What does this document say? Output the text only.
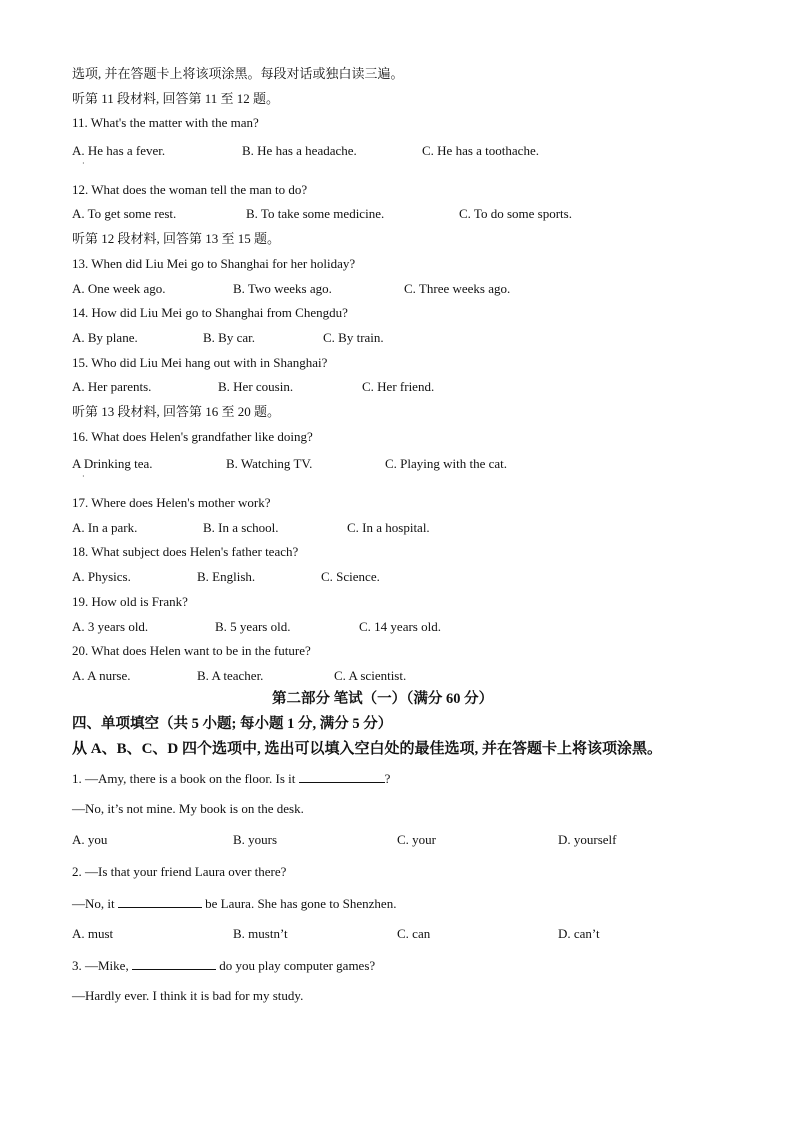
选项, 并在答题卡上将该项涂黑。每段对话或独白读三遍。
听第 11 段材料, 回答第 11 至 12 题。
11. What's the matter with the man?
A. He has a fever.	B. He has a headache.	C. He has a toothache.
·
12. What does the woman tell the man to do?
A. To get some rest.	B. To take some medicine.	C. To do some sports.
听第 12 段材料, 回答第 13 至 15 题。
13. When did Liu Mei go to Shanghai for her holiday?
A. One week ago.	B. Two weeks ago.	C. Three weeks ago.
14. How did Liu Mei go to Shanghai from Chengdu?
A. By plane.	B. By car.	C. By train.
15. Who did Liu Mei hang out with in Shanghai?
A. Her parents.	B. Her cousin.	C. Her friend.
听第 13 段材料, 回答第 16 至 20 题。
16. What does Helen's grandfather like doing?
A Drinking tea.	B. Watching TV.	C. Playing with the cat.
·
17. Where does Helen's mother work?
A. In a park.	B. In a school.	C. In a hospital.
18. What subject does Helen's father teach?
A. Physics.	B. English.	C. Science.
19. How old is Frank?
A. 3 years old.	B. 5 years old.	C. 14 years old.
20. What does Helen want to be in the future?
A. A nurse.	B. A teacher.	C. A scientist.
第二部分 笔试（一）（满分 60 分）
四、单项填空（共 5 小题; 每小题 1 分, 满分 5 分）
从 A、B、C、D 四个选项中, 选出可以填入空白处的最佳选项, 并在答题卡上将该项涂黑。
1. —Amy, there is a book on the floor. Is it	?
—No, it’s not mine. My book is on the desk.
A. you	B. yours	C. your	D. yourself
2. —Is that your friend Laura over there?
—No, it	be Laura. She has gone to Shenzhen.
A. must	B. mustn’t	C. can	D. can’t
3. —Mike,	do you play computer games?
—Hardly ever. I think it is bad for my study.
